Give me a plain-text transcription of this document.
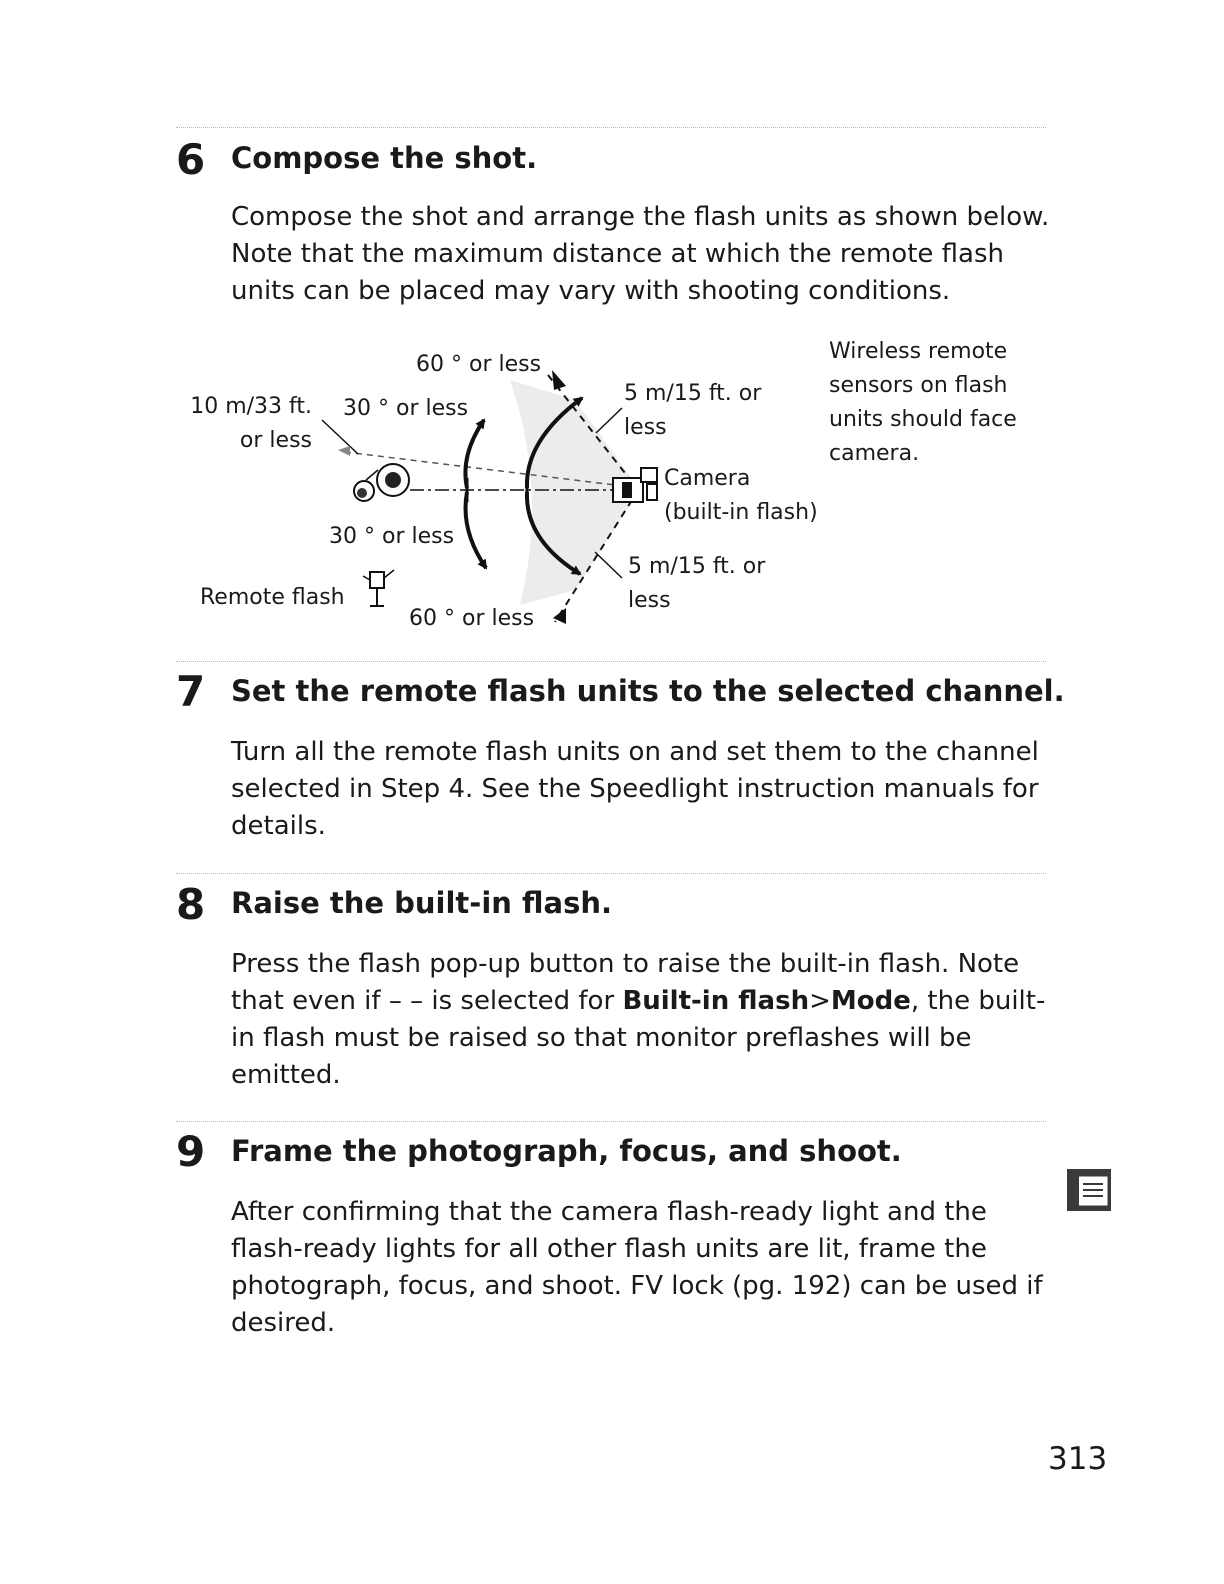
6 Compose the shot.

Compose the shot and arrange the flash units as shown below. Note that the maximum distance at which the remote flash units can be placed may vary with shooting conditions.

60 ° or less

30 ° or less

10 m/33 ft.
or less

5 m/15 ft. or
less

Camera
(built-in flash)

Wireless remote
sensors on flash
units should face
camera.

30 ° or less

5 m/15 ft. or
less

Remote flash

60 ° or less

7 Set the remote flash units to the selected channel.

Turn all the remote flash units on and set them to the channel selected in Step 4. See the Speedlight instruction manuals for details.

8 Raise the built-in flash.

Press the flash pop-up button to raise the built-in flash. Note that even if – – is selected for Built-in flash>Mode, the built-in flash must be raised so that monitor preflashes will be emitted.

9 Frame the photograph, focus, and shoot.

After confirming that the camera flash-ready light and the flash-ready lights for all other flash units are lit, frame the photograph, focus, and shoot. FV lock (pg. 192) can be used if desired.

313
